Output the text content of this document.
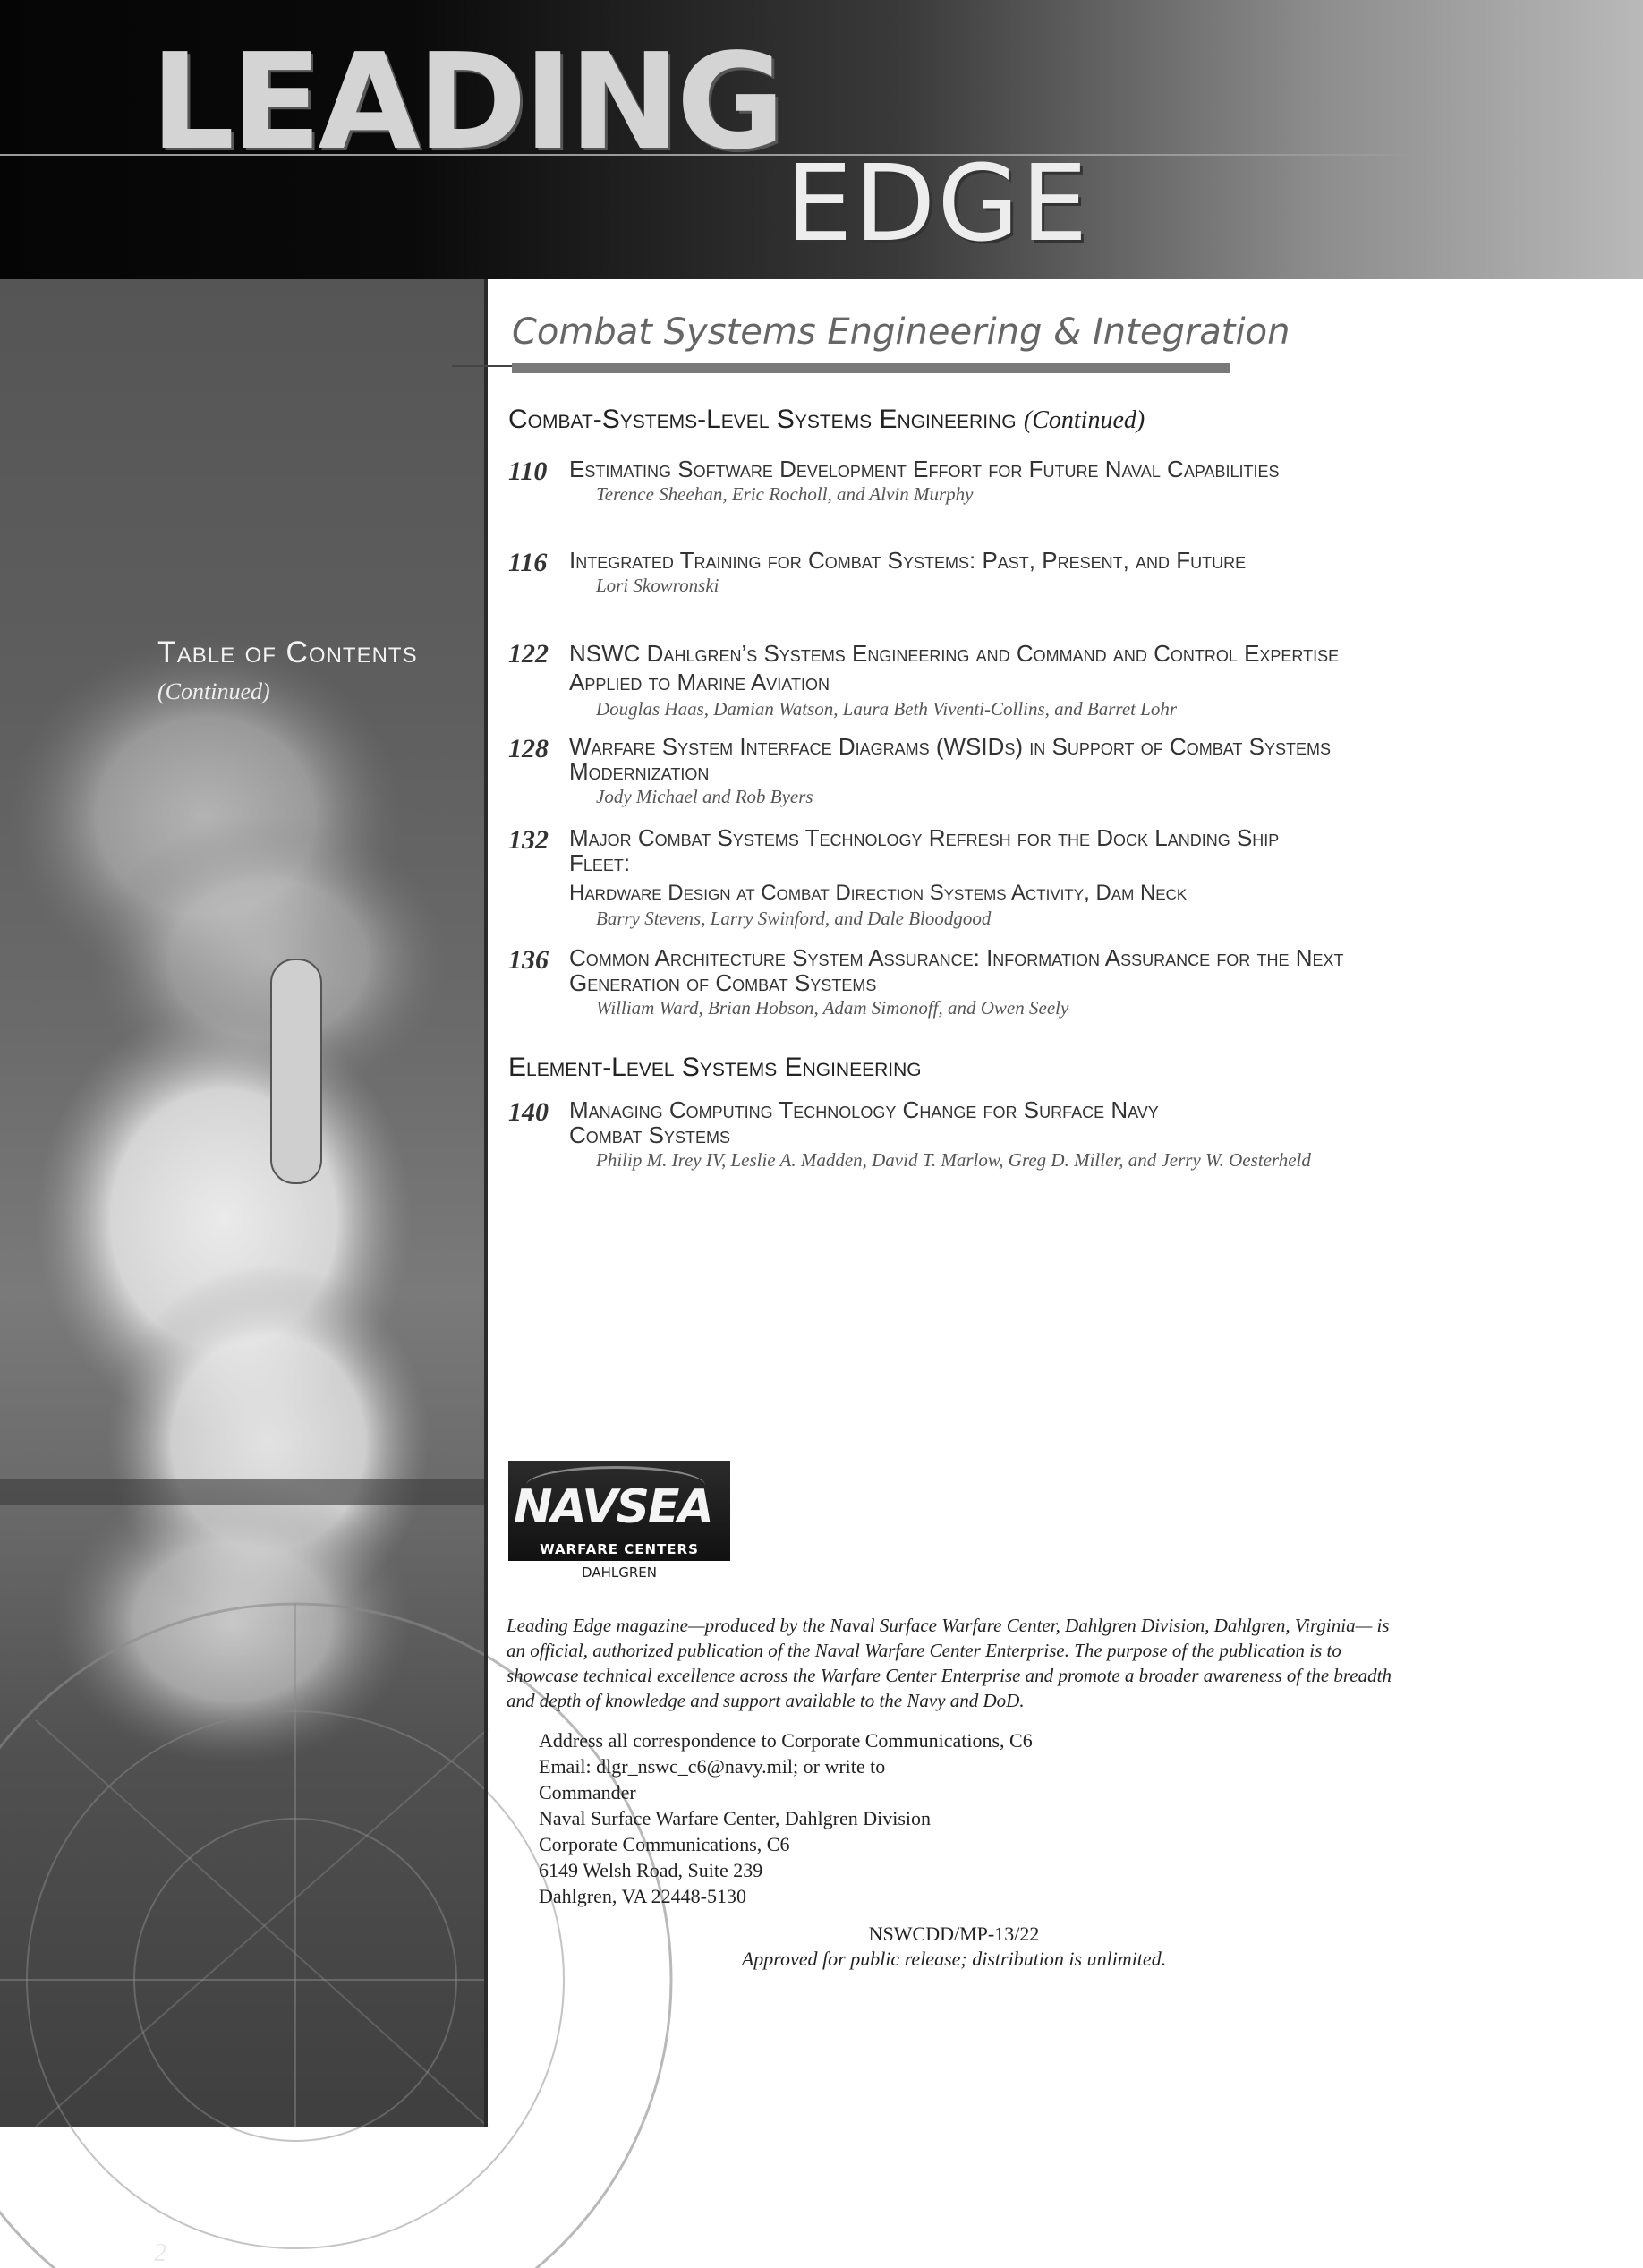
LEADING
EDGE
Table of Contents
(Continued)
2
Combat Systems Engineering & Integration
Combat-Systems-Level Systems Engineering (Continued)
110 Estimating Software Development Effort for Future Naval Capabilities
Terence Sheehan, Eric Rocholl, and Alvin Murphy
116 Integrated Training for Combat Systems: Past, Present, and Future
Lori Skowronski
122 NSWC Dahlgren’s Systems Engineering and Command and Control Expertise Applied to Marine Aviation
Douglas Haas, Damian Watson, Laura Beth Viventi-Collins, and Barret Lohr
128 Warfare System Interface Diagrams (WSIDs) in Support of Combat Systems Modernization
Jody Michael and Rob Byers
132 Major Combat Systems Technology Refresh for the Dock Landing Ship Fleet:
Hardware Design at Combat Direction Systems Activity, Dam Neck
Barry Stevens, Larry Swinford, and Dale Bloodgood
136 Common Architecture System Assurance: Information Assurance for the Next Generation of Combat Systems
William Ward, Brian Hobson, Adam Simonoff, and Owen Seely
Element-Level Systems Engineering
140 Managing Computing Technology Change for Surface Navy Combat Systems
Philip M. Irey IV, Leslie A. Madden, David T. Marlow, Greg D. Miller, and Jerry W. Oesterheld
NAVSEA
WARFARE CENTERS
DAHLGREN
Leading Edge magazine—produced by the Naval Surface Warfare Center, Dahlgren Division, Dahlgren, Virginia— is an official, authorized publication of the Naval Warfare Center Enterprise. The purpose of the publication is to showcase technical excellence across the Warfare Center Enterprise and promote a broader awareness of the breadth and depth of knowledge and support available to the Navy and DoD.
Address all correspondence to Corporate Communications, C6
Email: dlgr_nswc_c6@navy.mil; or write to
Commander
Naval Surface Warfare Center, Dahlgren Division
Corporate Communications, C6
6149 Welsh Road, Suite 239
Dahlgren, VA 22448-5130
NSWCDD/MP-13/22
Approved for public release; distribution is unlimited.
